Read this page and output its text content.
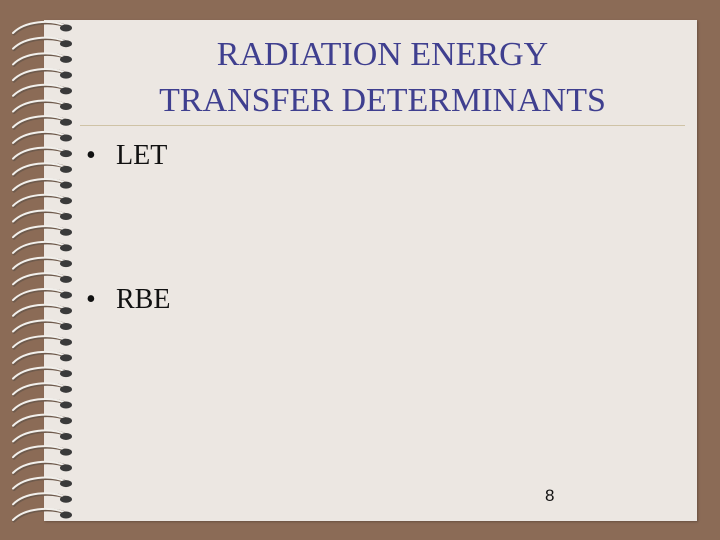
RADIATION ENERGY
TRANSFER DETERMINANTS
• LET
• RBE
8
